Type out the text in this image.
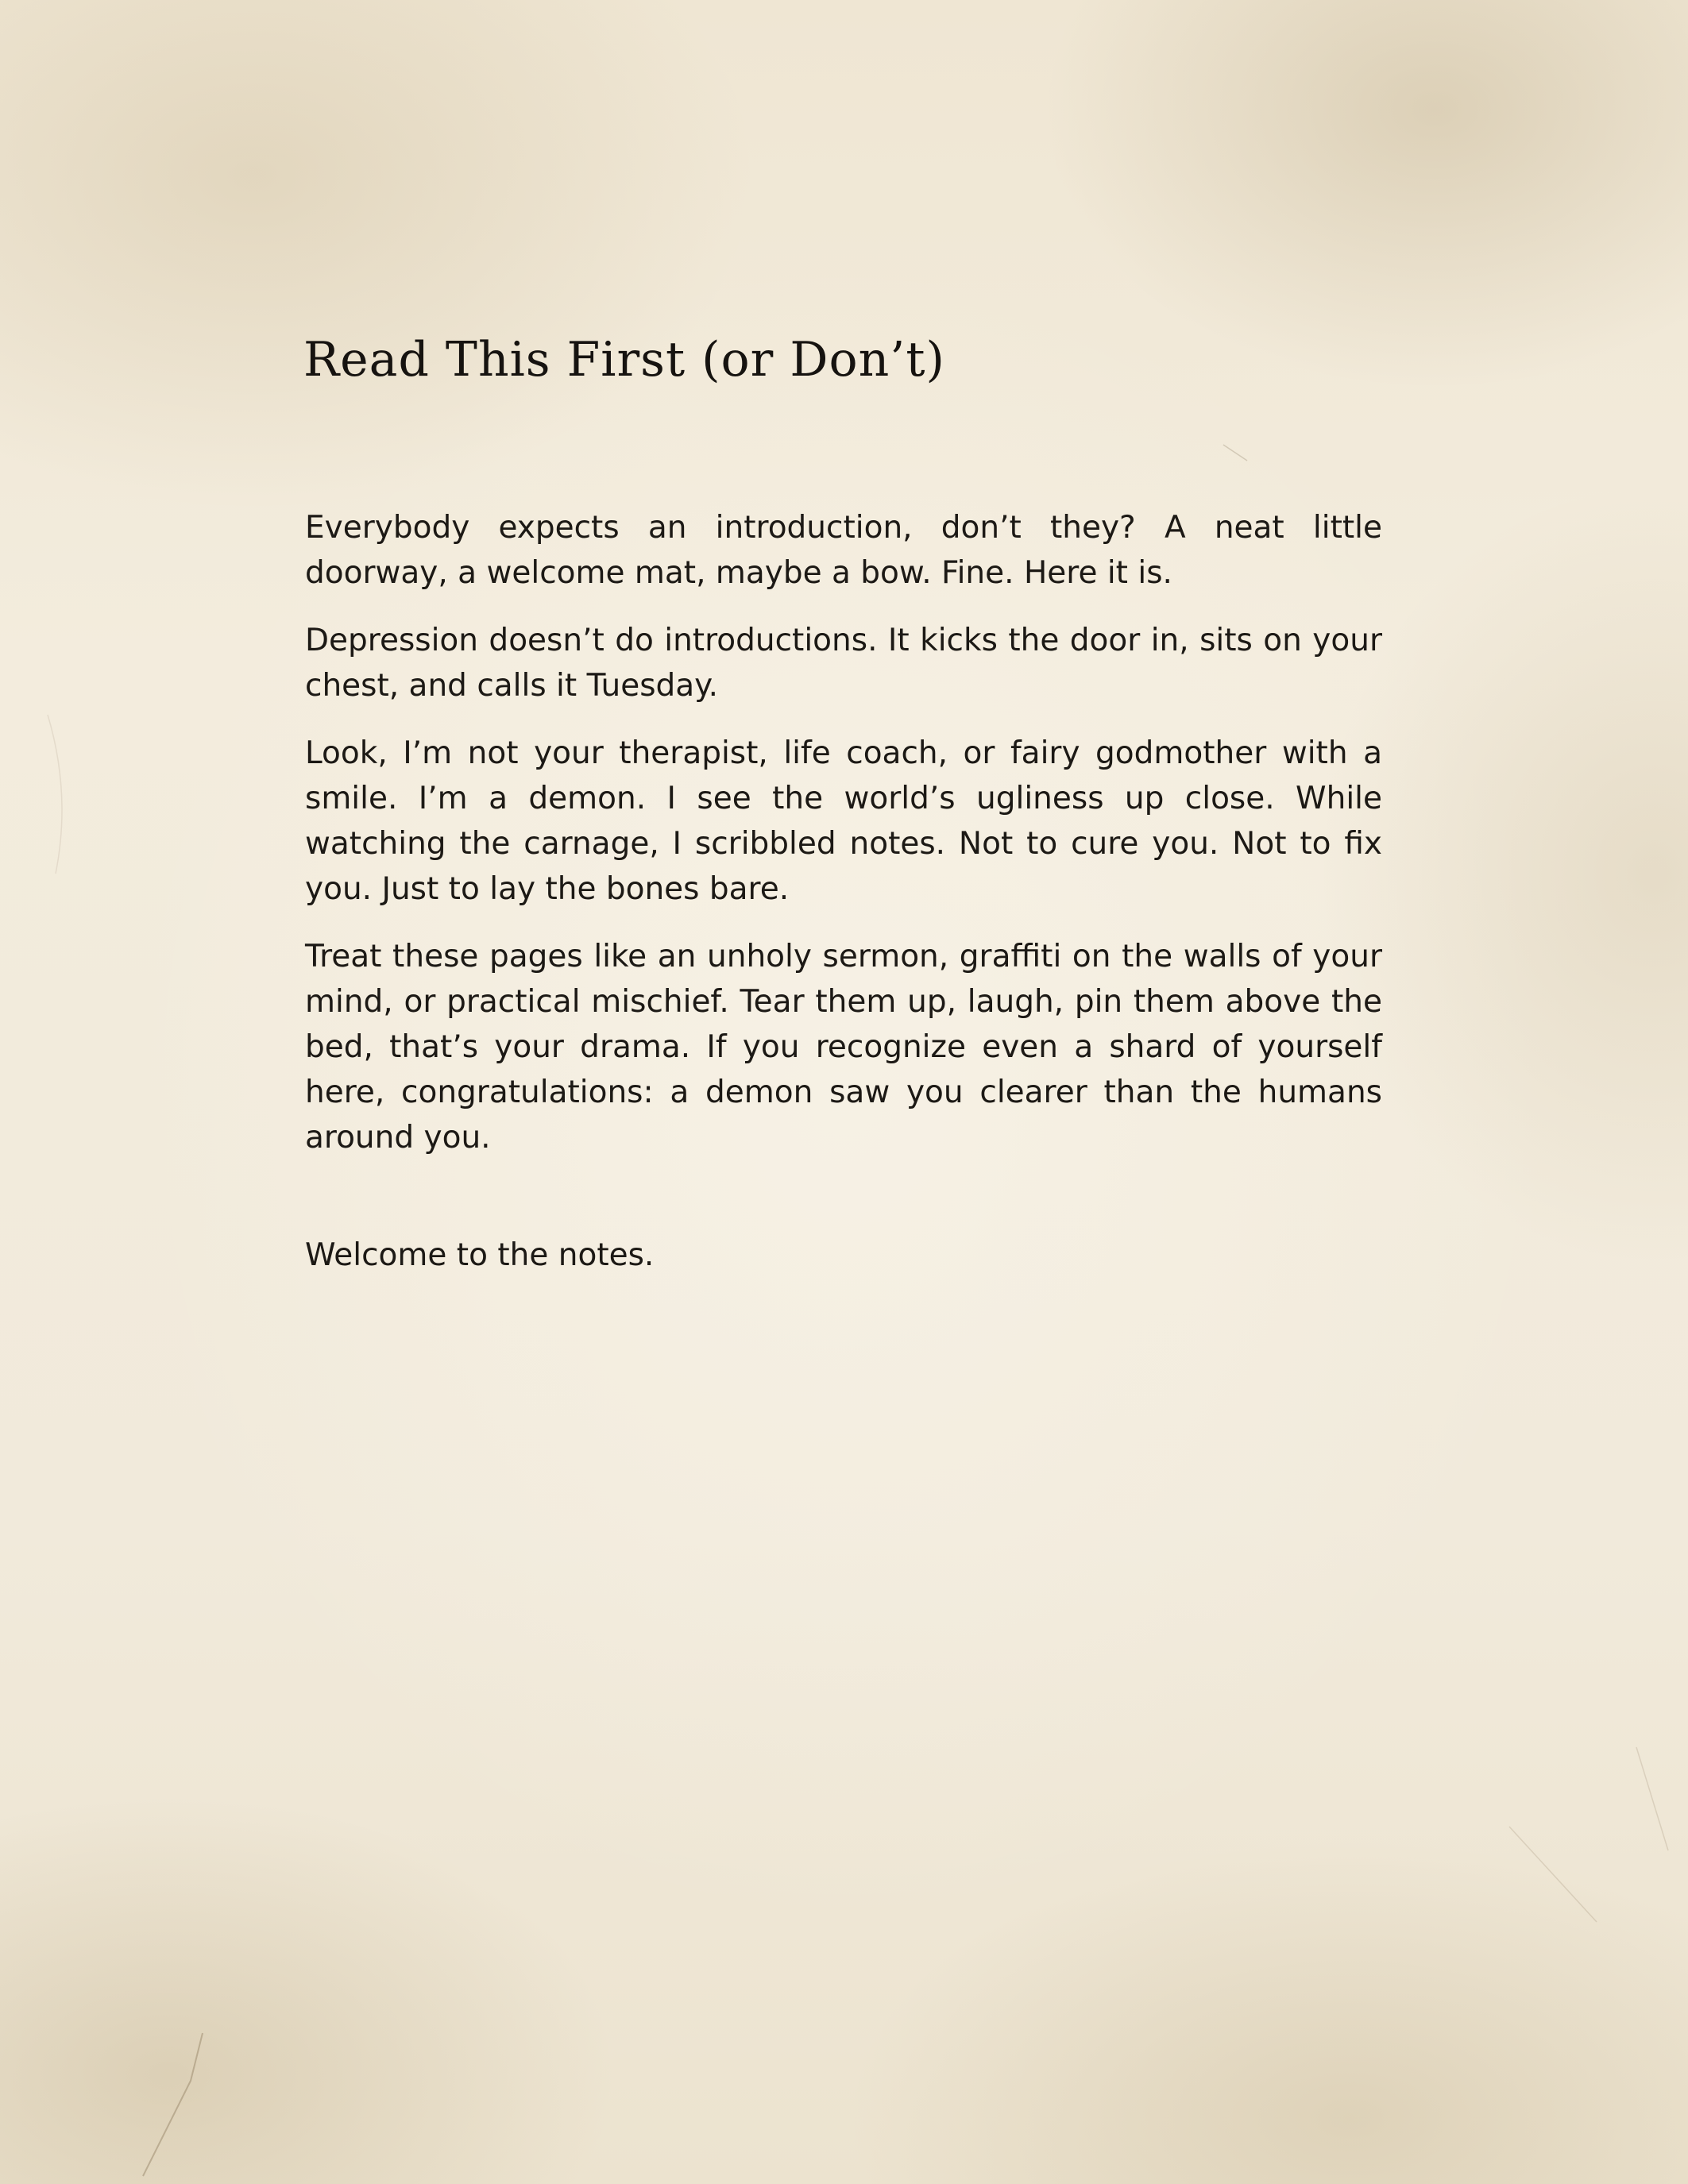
Read This First (or Don’t)

Everybody expects an introduction, don’t they? A neat little doorway, a welcome mat, maybe a bow. Fine. Here it is.

Depression doesn’t do introductions. It kicks the door in, sits on your chest, and calls it Tuesday.

Look, I’m not your therapist, life coach, or fairy godmother with a smile. I’m a demon. I see the world’s ugliness up close. While watching the carnage, I scribbled notes. Not to cure you. Not to fix you. Just to lay the bones bare.

Treat these pages like an unholy sermon, graffiti on the walls of your mind, or practical mischief. Tear them up, laugh, pin them above the bed, that’s your drama. If you recognize even a shard of yourself here, congratulations: a demon saw you clearer than the humans around you.

Welcome to the notes.
